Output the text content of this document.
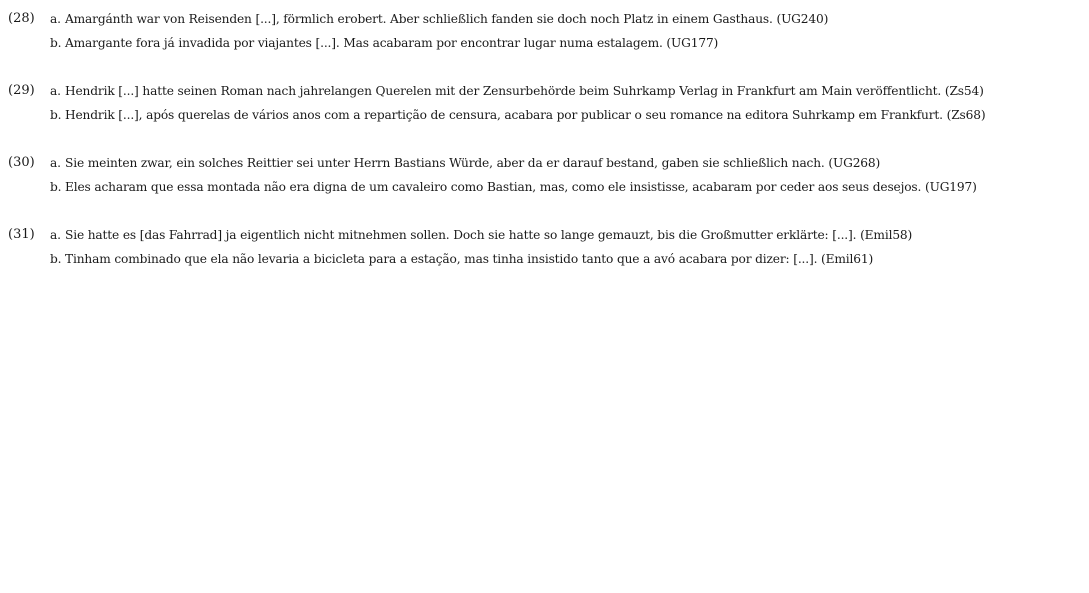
(28) a. Amargánth war von Reisenden [...], förmlich erobert. Aber schließlich fanden sie doch noch Platz in einem Gasthaus. (UG240)
b. Amargante fora já invadida por viajantes [...]. Mas acabaram por encontrar lugar numa estalagem. (UG177)
(29) a. Hendrik [...] hatte seinen Roman nach jahrelangen Querelen mit der Zensurbehörde beim Suhrkamp Verlag in Frankfurt am Main veröffentlicht. (Zs54)
b. Hendrik [...], após querelas de vários anos com a repartição de censura, acabara por publicar o seu romance na editora Suhrkamp em Frankfurt. (Zs68)
(30) a. Sie meinten zwar, ein solches Reittier sei unter Herrn Bastians Würde, aber da er darauf bestand, gaben sie schließlich nach. (UG268)
b. Eles acharam que essa montada não era digna de um cavaleiro como Bastian, mas, como ele insistisse, acabaram por ceder aos seus desejos. (UG197)
(31) a. Sie hatte es [das Fahrrad] ja eigentlich nicht mitnehmen sollen. Doch sie hatte so lange gemauzt, bis die Großmutter erklärte: [...]. (Emil58)
b. Tinham combinado que ela não levaria a bicicleta para a estação, mas tinha insistido tanto que a avó acabara por dizer: [...]. (Emil61)
